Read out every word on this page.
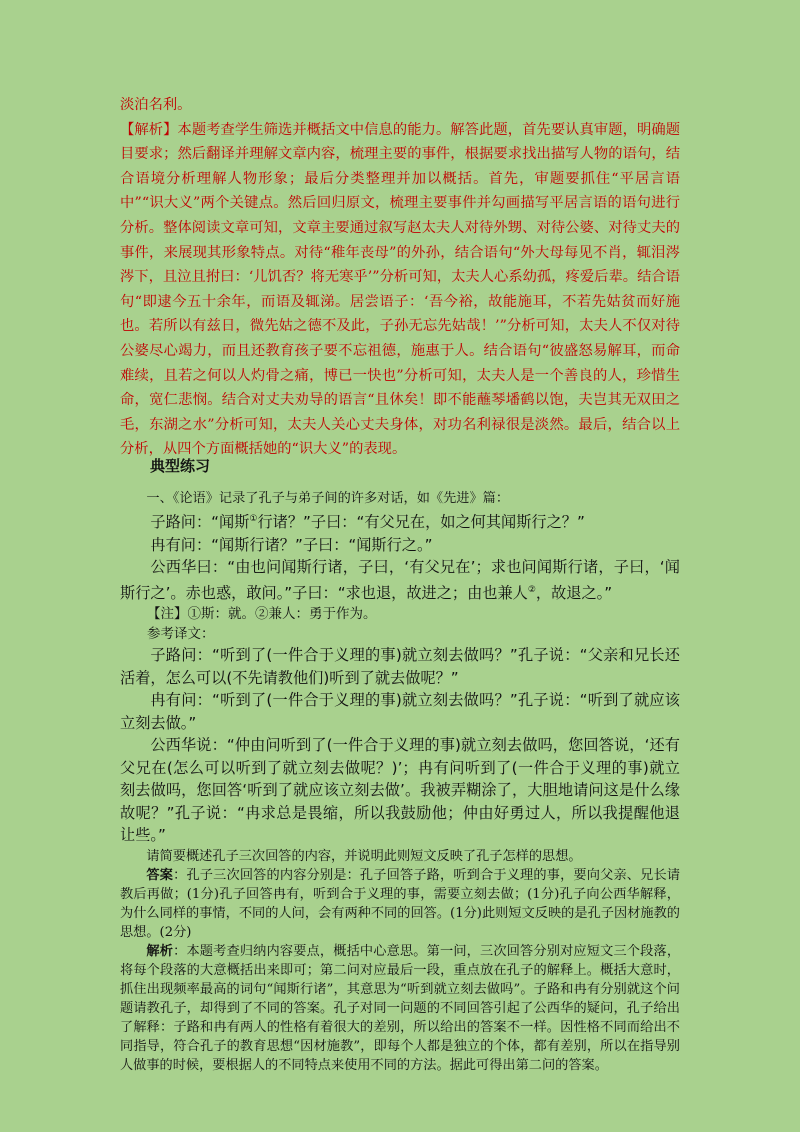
淡泊名利。

【解析】本题考查学生筛选并概括文中信息的能力。解答此题，首先要认真审题，明确题目要求；然后翻译并理解文章内容，梳理主要的事件，根据要求找出描写人物的语句，结合语境分析理解人物形象；最后分类整理并加以概括。首先，审题要抓住“平居言语中”“识大义”两个关键点。然后回归原文，梳理主要事件并勾画描写平居言语的语句进行分析。整体阅读文章可知，文章主要通过叙写赵太夫人对待外甥、对待公婆、对待丈夫的事件，来展现其形象特点。对待“稚年丧母”的外孙，结合语句“外大母每见不肖，辄泪涔涔下，且泣且拊曰：‘儿饥否？将无寒乎’”分析可知，太夫人心系幼孤，疼爱后辈。结合语句“即逮今五十余年，而语及辄涕。居尝语子：‘吾今裕，故能施耳，不若先姑贫而好施也。若所以有兹日，微先姑之德不及此，子孙无忘先姑哉！’”分析可知，太夫人不仅对待公婆尽心竭力，而且还教育孩子要不忘祖德，施惠于人。结合语句“彼盛怒易解耳，而命难续，且若之何以人灼骨之痛，博已一快也”分析可知，太夫人是一个善良的人，珍惜生命，宽仁悲悯。结合对丈夫劝导的语言“且休矣！即不能蘸琴墦鹤以饱，夫岂其无双田之毛，东湖之水”分析可知，太夫人关心丈夫身体，对功名利禄很是淡然。最后，结合以上分析，从四个方面概括她的“识大义”的表现。

典型练习

一、《论语》记录了孔子与弟子间的许多对话，如《先进》篇：

子路问：“闻斯①行诸？”子曰：“有父兄在，如之何其闻斯行之？”

冉有问：“闻斯行诸？”子曰：“闻斯行之。”

公西华曰：“由也问闻斯行诸，子曰，‘有父兄在’；求也问闻斯行诸，子曰，‘闻斯行之’。赤也惑，敢问。”子曰：“求也退，故进之；由也兼人②，故退之。”

【注】①斯：就。②兼人：勇于作为。

参考译文：

子路问：“听到了(一件合于义理的事)就立刻去做吗？”孔子说：“父亲和兄长还活着，怎么可以(不先请教他们)听到了就去做呢？”

冉有问：“听到了(一件合于义理的事)就立刻去做吗？”孔子说：“听到了就应该立刻去做。”

公西华说：“仲由问听到了(一件合于义理的事)就立刻去做吗，您回答说，‘还有父兄在(怎么可以听到了就立刻去做呢？)’；冉有问听到了(一件合于义理的事)就立刻去做吗，您回答‘听到了就应该立刻去做’。我被弄糊涂了，大胆地请问这是什么缘故呢？”孔子说：“冉求总是畏缩，所以我鼓励他；仲由好勇过人，所以我提醒他退让些。”

请简要概述孔子三次回答的内容，并说明此则短文反映了孔子怎样的思想。

答案：孔子三次回答的内容分别是：孔子回答子路，听到合于义理的事，要向父亲、兄长请教后再做；(1分)孔子回答冉有，听到合于义理的事，需要立刻去做；(1分)孔子向公西华解释，为什么同样的事情，不同的人问，会有两种不同的回答。(1分)此则短文反映的是孔子因材施教的思想。(2分)

解析：本题考查归纳内容要点，概括中心意思。第一问，三次回答分别对应短文三个段落，将每个段落的大意概括出来即可；第二问对应最后一段，重点放在孔子的解释上。概括大意时，抓住出现频率最高的词句“闻斯行诸”，其意思为“听到就立刻去做吗”。子路和冉有分别就这个问题请教孔子，却得到了不同的答案。孔子对同一问题的不同回答引起了公西华的疑问，孔子给出了解释：子路和冉有两人的性格有着很大的差别，所以给出的答案不一样。因性格不同而给出不同指导，符合孔子的教育思想“因材施教”，即每个人都是独立的个体，都有差别，所以在指导别人做事的时候，要根据人的不同特点来使用不同的方法。据此可得出第二问的答案。
